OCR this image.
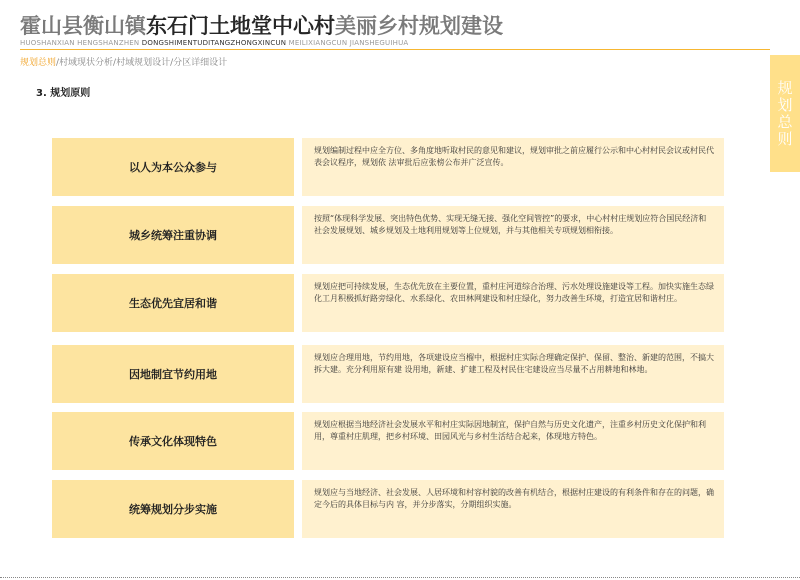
霍山县衡山镇东石门土地堂中心村美丽乡村规划建设
HUOSHANXIAN HENGSHANZHEN DONGSHIMENTUDITANGZHONGXINCUN MEILIXIANGCUN JIANSHEGUIHUA
规划总则/村域现状分析/村域规划设计/分区详细设计
3. 规划原则	规划总则
以人为本公众参与
规划编制过程中应全方位、多角度地听取村民的意见和建议，规划审批之前应履行公示和中心村村民会议或村民代表会议程序，规划依 法审批后应张榜公布并广泛宣传。
城乡统筹注重协调
按照“体现科学发展、突出特色优势、实现无缝无接、强化空间管控”的要求，中心村村庄规划应符合国民经济和社会发展规划、城乡规划及土地利用规划等上位规划，并与其他相关专项规划相衔接。
生态优先宜居和谐
规划应把可持续发展，生态优先放在主要位置，重村庄河道综合治理、污水处理设施建设等工程。加快实施生态绿化工月积极抓好路旁绿化、水系绿化、农田林网建设和村庄绿化，努力改善生环境，打造宜居和谐村庄。
因地制宜节约用地
规划应合理用地，节约用地，各项建设应当榴中，根据村庄实际合理确定保护、保留、整治、新建的范围，不搞大拆大建。充分利用原有建 设用地，新建、扩建工程及村民住宅建设应当尽量不占用耕地和林地。
传承文化体现特色
规划应根据当地经济社会发展水平和村庄实际因地制宜，保护自然与历史文化遗产，注重乡村历史文化保护和利用，尊重村庄肌理，把乡村环境、田园风光与乡村生活结合起来，体现地方特色。
统筹规划分步实施
规划应与当地经济、社会发展、人居环境和村容村貌的改善有机结合，根据村庄建设的有利条件和存在的问题，确定今后的具体目标与内 容，并分步落实，分期组织实施。
